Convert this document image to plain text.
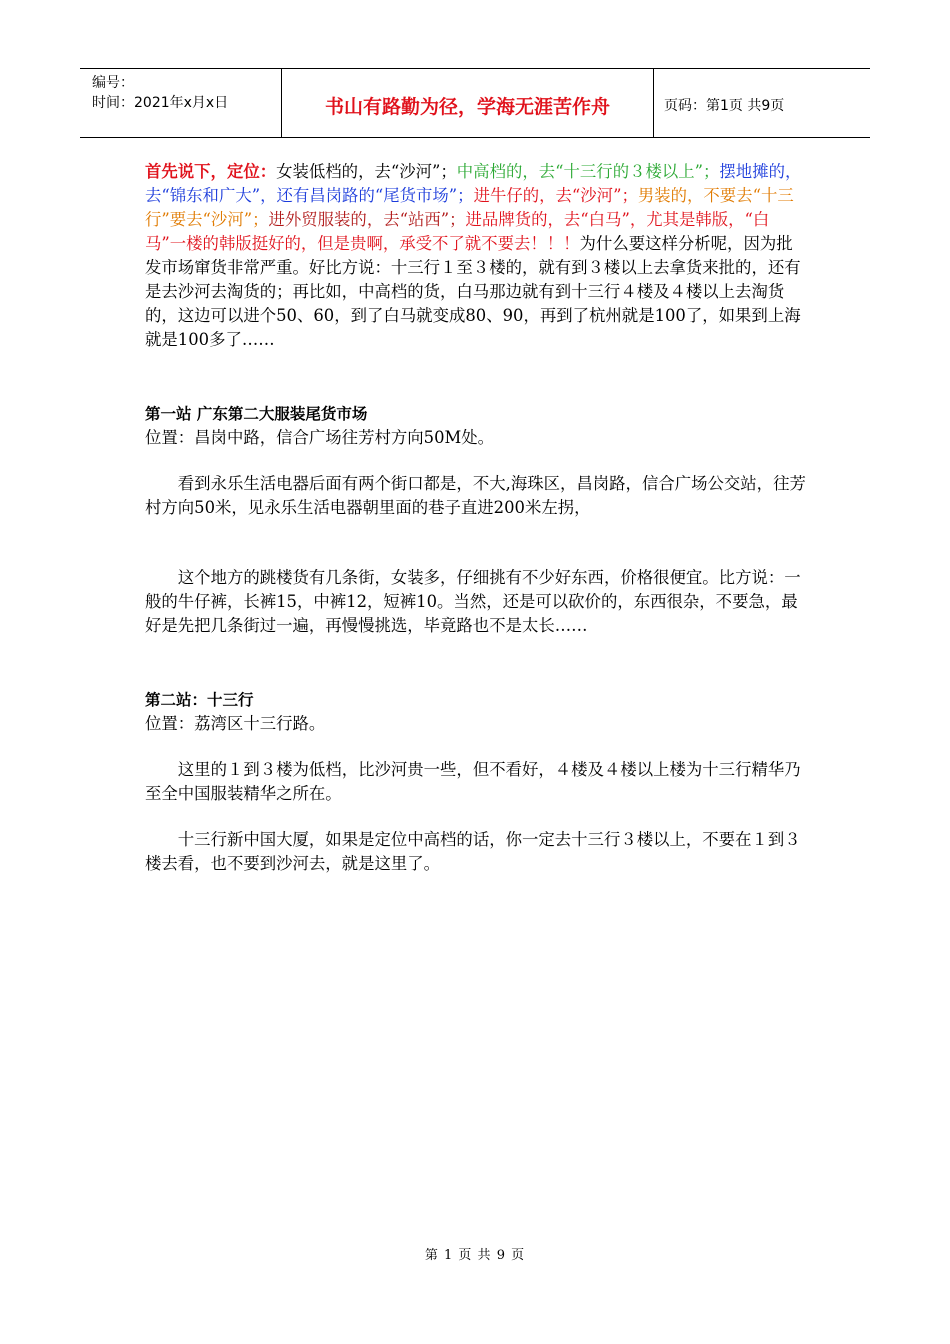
编号：
时间：2021年x月x日	书山有路勤为径，学海无涯苦作舟	页码：第1页 共9页

首先说下，定位：女装低档的，去“沙河”；中高档的，去“十三行的３楼以上”；摆地摊的，去“锦东和广大”，还有昌岗路的“尾货市场”；进牛仔的，去“沙河”；男装的，不要去“十三行”要去“沙河”；进外贸服装的，去“站西”；进品牌货的，去“白马”，尤其是韩版，“白马”一楼的韩版挺好的，但是贵啊，承受不了就不要去！！！为什么要这样分析呢，因为批发市场窜货非常严重。好比方说：十三行１至３楼的，就有到３楼以上去拿货来批的，还有是去沙河去淘货的；再比如，中高档的货，白马那边就有到十三行４楼及４楼以上去淘货的，这边可以进个50、60，到了白马就变成80、90，再到了杭州就是100了，如果到上海就是100多了……

第一站 广东第二大服装尾货市场

位置：昌岗中路，信合广场往芳村方向50M处。

看到永乐生活电器后面有两个街口都是，不大,海珠区，昌岗路，信合广场公交站，往芳村方向50米，见永乐生活电器朝里面的巷子直进200米左拐，

这个地方的跳楼货有几条街，女装多，仔细挑有不少好东西，价格很便宜。比方说：一般的牛仔裤，长裤15，中裤12，短裤10。当然，还是可以砍价的，东西很杂，不要急，最好是先把几条街过一遍，再慢慢挑选，毕竟路也不是太长……

第二站：十三行

位置：荔湾区十三行路。

这里的１到３楼为低档，比沙河贵一些，但不看好，４楼及４楼以上楼为十三行精华乃至全中国服装精华之所在。

十三行新中国大厦，如果是定位中高档的话，你一定去十三行３楼以上，不要在１到３楼去看，也不要到沙河去，就是这里了。

第 1 页 共 9 页
